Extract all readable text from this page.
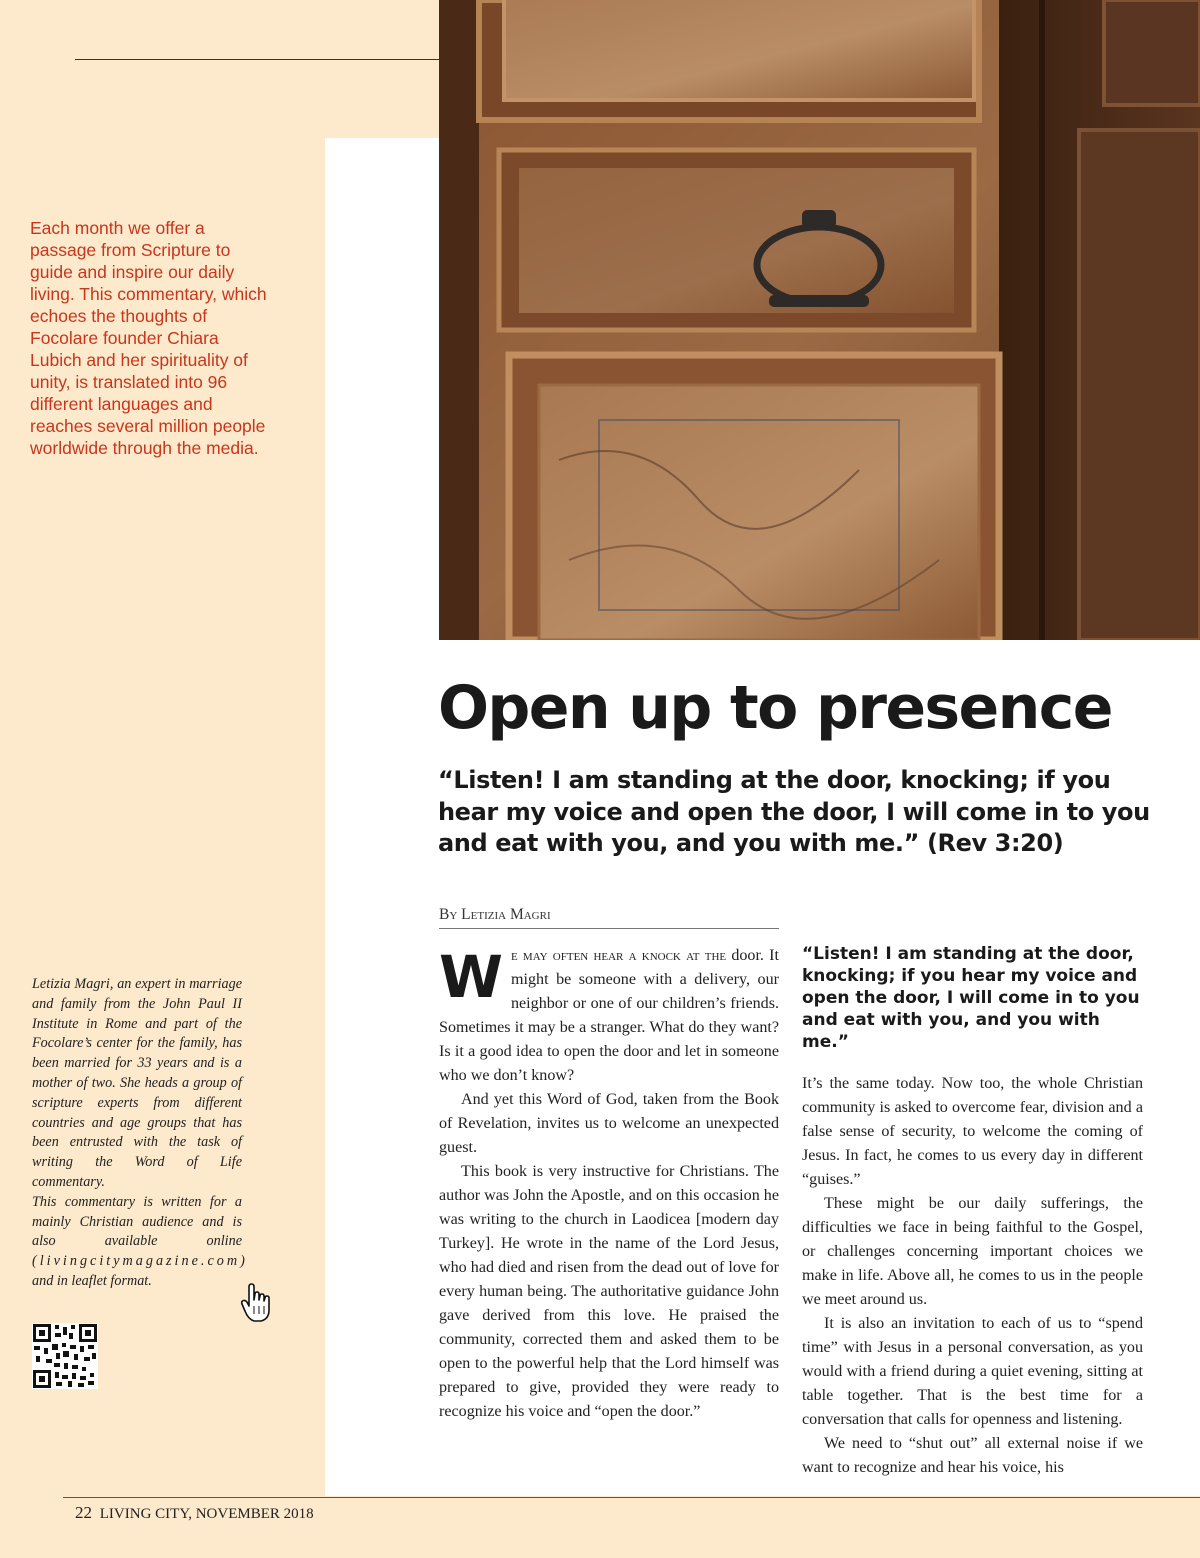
Each month we offer a passage from Scripture to guide and inspire our daily living. This commentary, which echoes the thoughts of Focolare founder Chiara Lubich and her spirituality of unity, is translated into 96 different languages and reaches several million people worldwide through the media.

Letizia Magri, an expert in marriage and family from the John Paul II Institute in Rome and part of the Focolare’s center for the family, has been married for 33 years and is a mother of two. She heads a group of scripture experts from different countries and age groups that has been entrusted with the task of writing the Word of Life commentary.

This commentary is written for a mainly Christian audience and is also available online (livingcitymagazine.com) and in leaflet format.

Open up to presence

“Listen! I am standing at the door, knocking; if you hear my voice and open the door, I will come in to you and eat with you, and you with me.” (Rev 3:20)

By Letizia Magri

We may often hear a knock at the door. It might be someone with a delivery, our neighbor or one of our children’s friends. Sometimes it may be a stranger. What do they want? Is it a good idea to open the door and let in someone who we don’t know?

And yet this Word of God, taken from the Book of Revelation, invites us to welcome an unexpected guest.

This book is very instructive for Christians. The author was John the Apostle, and on this occasion he was writing to the church in Laodicea [modern day Turkey]. He wrote in the name of the Lord Jesus, who had died and risen from the dead out of love for every human being. The authoritative guidance John gave derived from this love. He praised the community, corrected them and asked them to be open to the powerful help that the Lord himself was prepared to give, provided they were ready to recognize his voice and “open the door.”

“Listen! I am standing at the door, knocking; if you hear my voice and open the door, I will come in to you and eat with you, and you with me.”

It’s the same today. Now too, the whole Christian community is asked to overcome fear, division and a false sense of security, to welcome the coming of Jesus. In fact, he comes to us every day in different “guises.”

These might be our daily sufferings, the difficulties we face in being faithful to the Gospel, or challenges concerning important choices we make in life. Above all, he comes to us in the people we meet around us.

It is also an invitation to each of us to “spend time” with Jesus in a personal conversation, as you would with a friend during a quiet evening, sitting at table together. That is the best time for a conversation that calls for openness and listening.

We need to “shut out” all external noise if we want to recognize and hear his voice, his

22 LIVING CITY, NOVEMBER 2018
